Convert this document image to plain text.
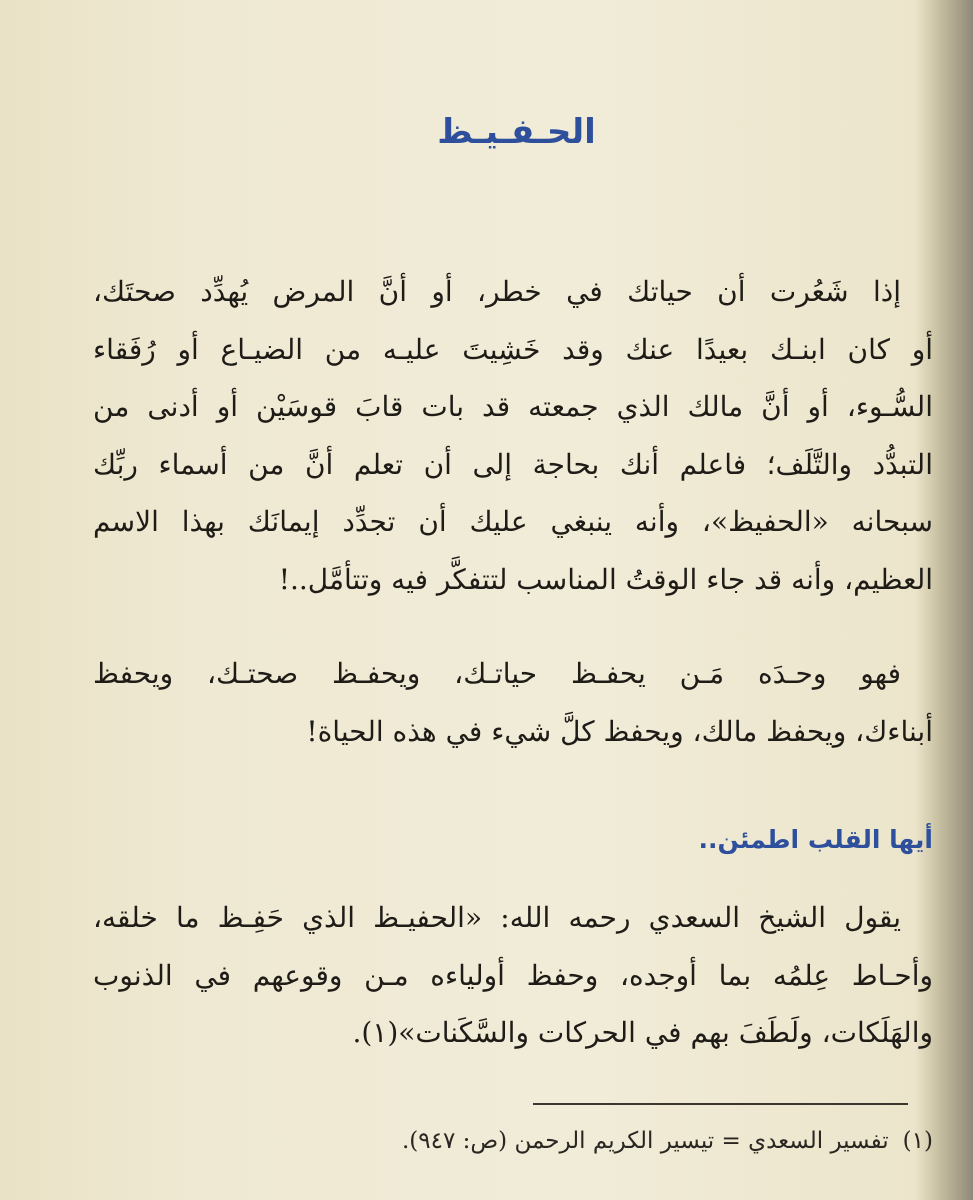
الحـفـيـظ
إذا شَعُرت أن حياتك في خطر، أو أنَّ المرض يُهدِّد صحتَك،
أو كان ابنـك بعيدًا عنك وقد خَشِيتَ عليـه من الضيـاع أو رُفَقاء
السُّـوء، أو أنَّ مالك الذي جمعته قد بات قابَ قوسَيْن أو أدنى من
التبدُّد والتَّلَف؛ فاعلم أنك بحاجة إلى أن تعلم أنَّ من أسماء ربِّك
سبحانه «الحفيظ»، وأنه ينبغي عليك أن تجدِّد إيمانَك بهذا الاسم
العظيم، وأنه قد جاء الوقتُ المناسب لتتفكَّر فيه وتتأمَّل..!
فهو وحـدَه مَـن يحفـظ حياتـك، ويحفـظ صحتـك، ويحفظ
أبناءك، ويحفظ مالك، ويحفظ كلَّ شيء في هذه الحياة!
أيها القلب اطمئن..
يقول الشيخ السعدي رحمه الله: «الحفيـظ الذي حَفِـظ ما خلقه،
وأحـاط عِلمُه بما أوجده، وحفظ أولياءه مـن وقوعهم في الذنوب
والهَلَكات، ولَطَفَ بهم في الحركات والسَّكَنات»(١).
(١)تفسير السعدي = تيسير الكريم الرحمن (ص: ٩٤٧).
